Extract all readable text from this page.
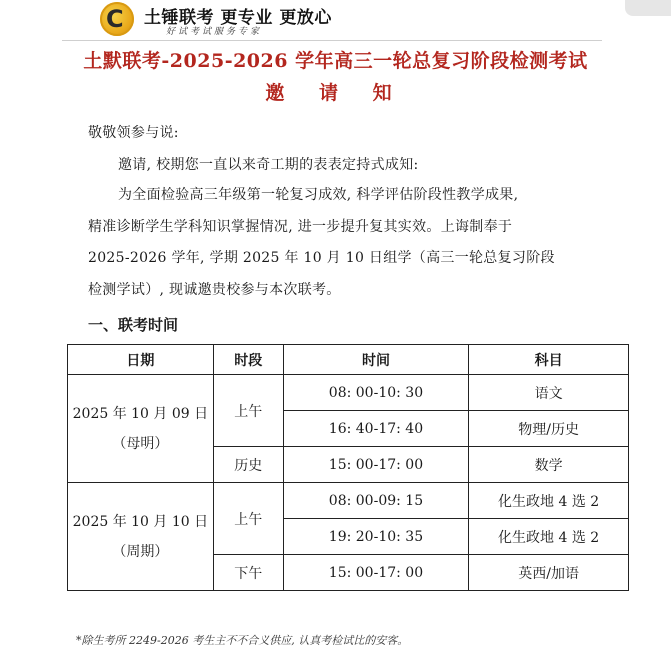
C 土锤联考 更专业 更放心
好试考试服务专家
土默联考-2025-2026 学年高三一轮总复习阶段检测考试
邀 请 知
敬敬领参与说:
邀请, 校期您一直以来奇工期的表表定持式成知:
为全面检验高三年级第一轮复习成效, 科学评估阶段性教学成果,
精准诊断学生学科知识掌握情况, 进一步提升复其实效。上诲制奉于
2025-2026 学年, 学期 2025 年 10 月 10 日组学（高三一轮总复习阶段
检测学试）, 现诚邀贵校参与本次联考。
一、联考时间
日期	时段	时间	科目

2025 年 10 月 09 日
（母明）	上午	08: 00-10: 30	语文
		16: 40-17: 40	物理/历史
	历史	15: 00-17: 00	数学

2025 年 10 月 10 日
（周期）	上午	08: 00-09: 15	化生政地 4 选 2
		19: 20-10: 35	化生政地 4 选 2
	下午	15: 00-17: 00	英西/加语
*除生考所 2249-2026 考生主不不合义供应, 认真考检试比的安客。
